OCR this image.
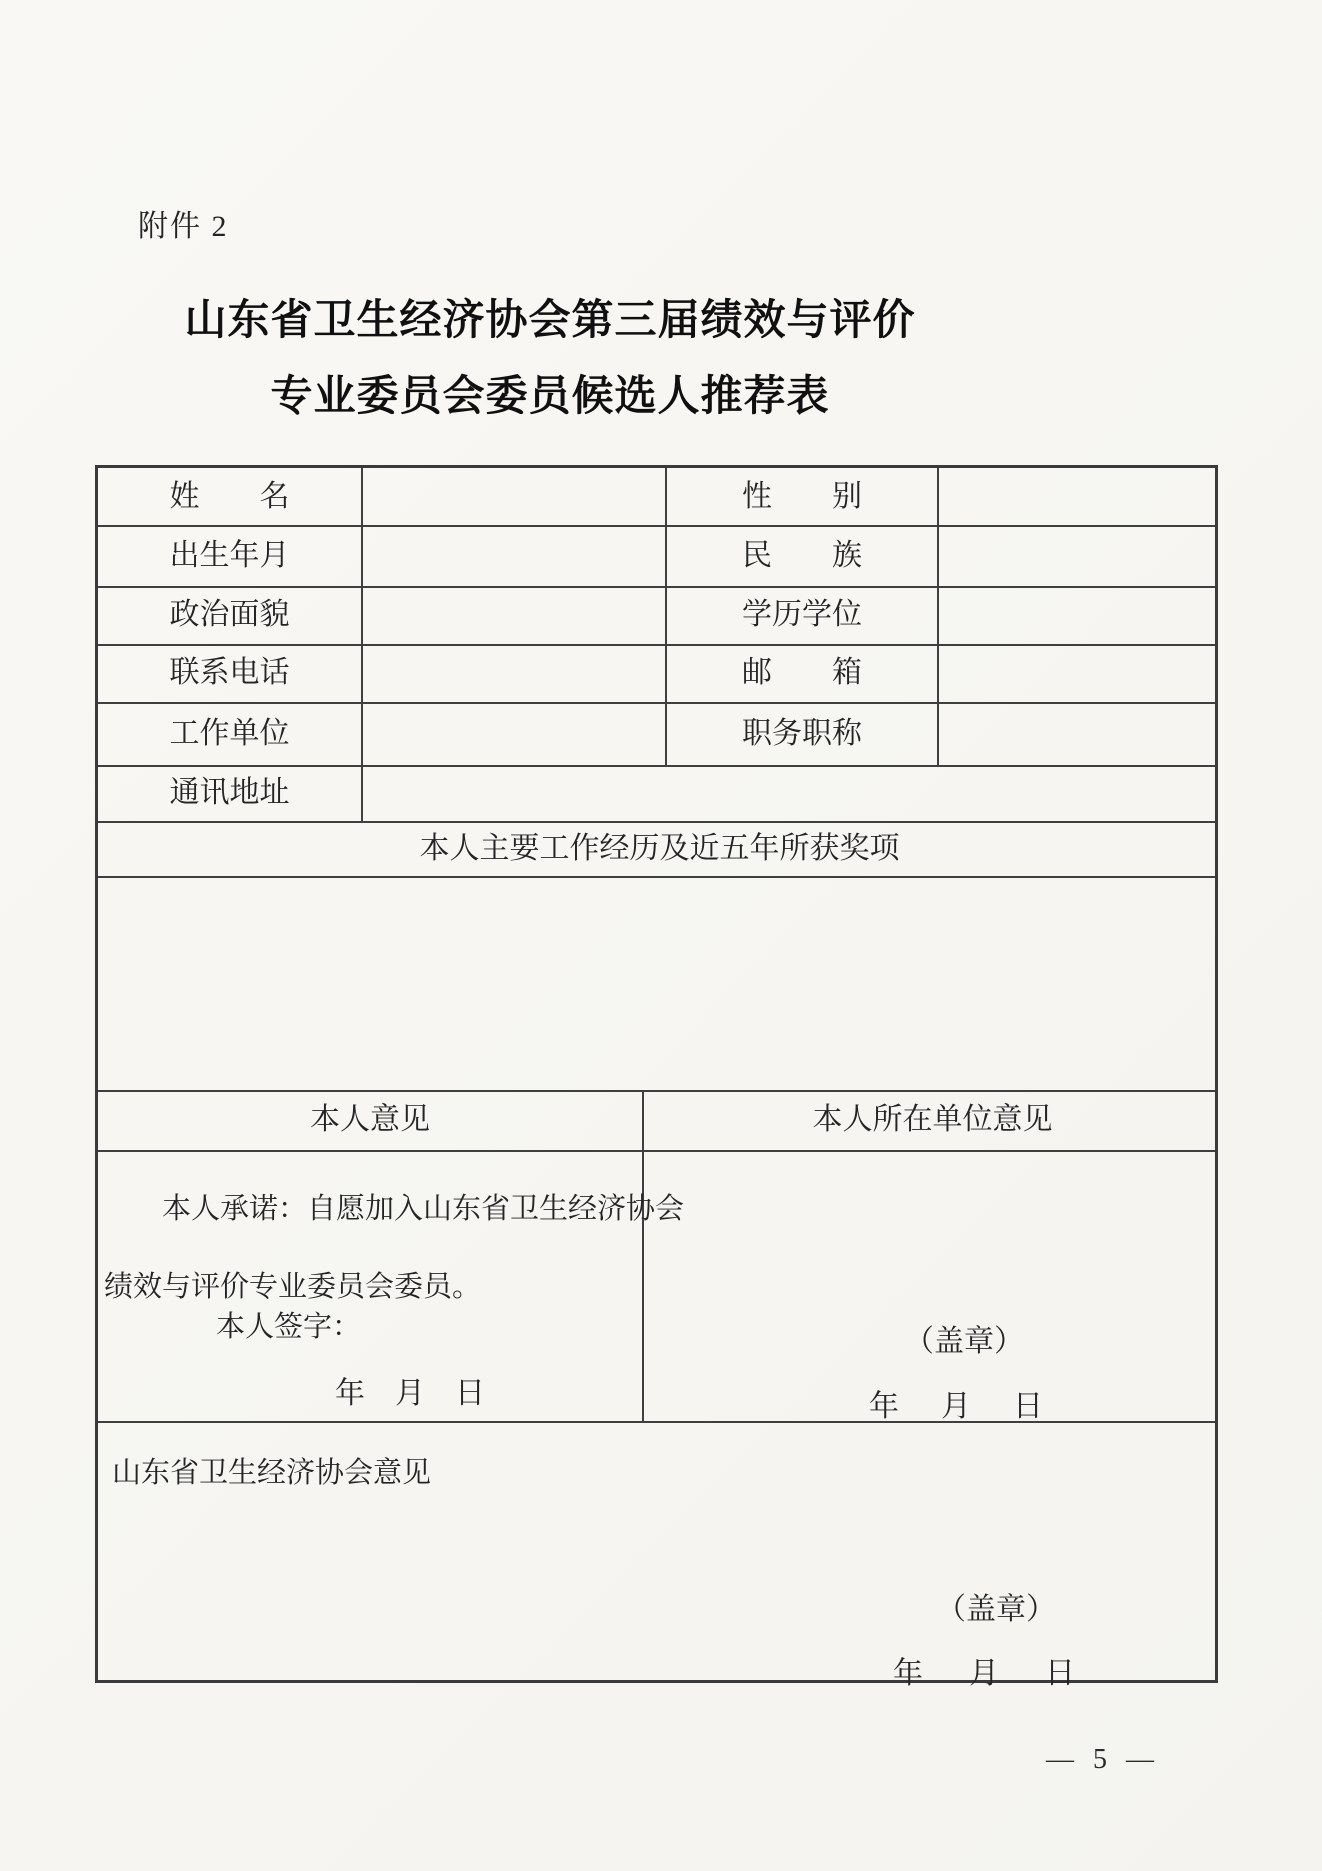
附件 2
山东省卫生经济协会第三届绩效与评价
专业委员会委员候选人推荐表
姓　　名	性　　别
出生年月	民　　族
政治面貌	学历学位
联系电话	邮　　箱
工作单位	职务职称
通讯地址
本人主要工作经历及近五年所获奖项
本人意见	本人所在单位意见
本人承诺：自愿加入山东省卫生经济协会
绩效与评价专业委员会委员。
本人签字：
年　月　日
（盖章）
年　月　日
山东省卫生经济协会意见
（盖章）
年　月　日
— 5 —
